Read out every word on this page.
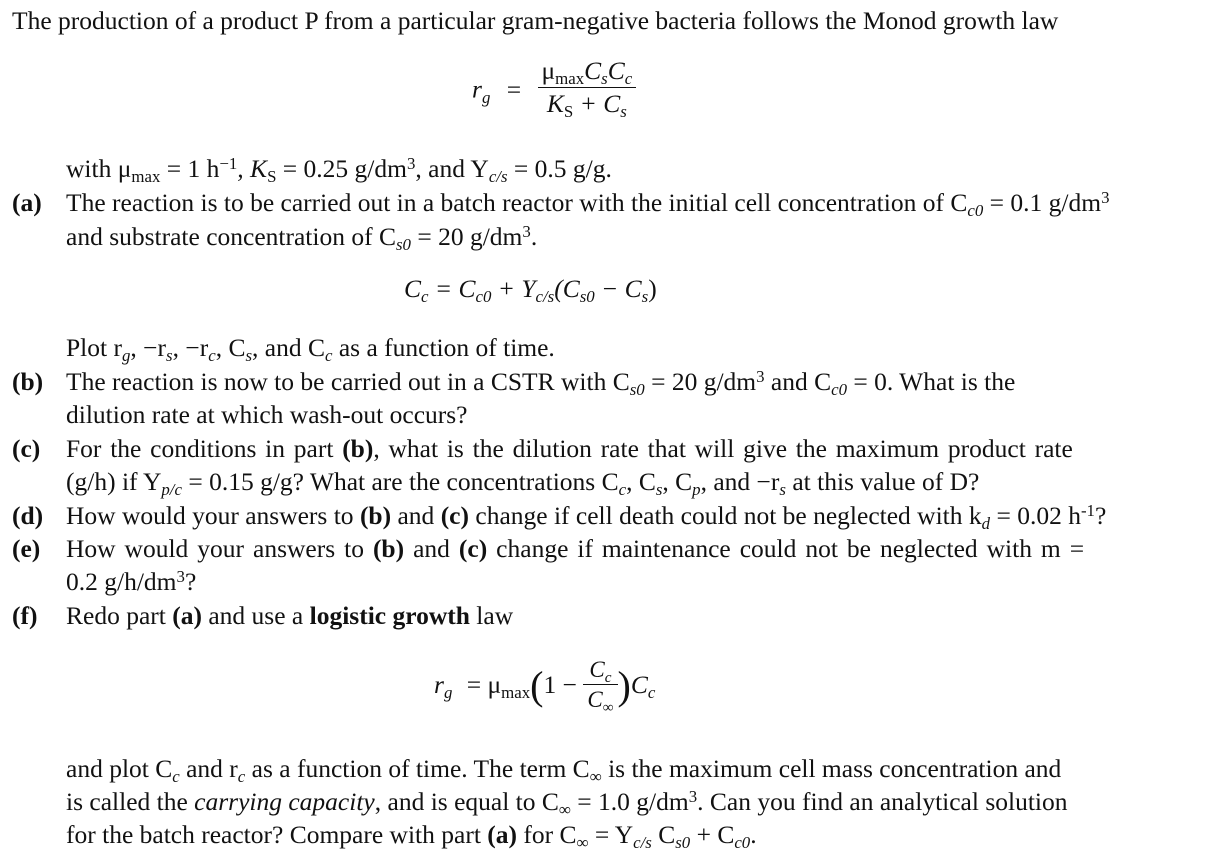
The production of a product P from a particular gram-negative bacteria follows the Monod growth law
$r_g = \frac{\mu_{max}C_sC_c}{K_S + C_s}$
with $\mu_{max} = 1$ $h^{-1}$, $K_S = 0.25$ $g/dm^3$, and $Y_{c/s} = 0.5$ g/g.
(a) The reaction is to be carried out in a batch reactor with the initial cell concentration of $C_{c0} = 0.1$ $g/dm^3$
and substrate concentration of $C_{s0} = 20$ $g/dm^3$.
$C_c = C_{c0} + Y_{c/s}(C_{s0} - C_s)$
Plot $r_g$, $-r_s$, $-r_c$, $C_s$, and $C_c$ as a function of time.
(b) The reaction is now to be carried out in a CSTR with $C_{s0} = 20$ $g/dm^3$ and $C_{c0} = 0$. What is the
dilution rate at which wash-out occurs?
(c) For the conditions in part (b), what is the dilution rate that will give the maximum product rate
(g/h) if $Y_{p/c} = 0.15$ g/g? What are the concentrations $C_c$, $C_s$, $C_p$, and $-r_s$ at this value of D?
(d) How would your answers to (b) and (c) change if cell death could not be neglected with $k_d = 0.02$ $h^{-1}$?
(e) How would your answers to (b) and (c) change if maintenance could not be neglected with m =
0.2 $g/h/dm^3$?
(f) Redo part (a) and use a logistic growth law
$r_g = \mu_{max}(1 - \frac{C_c}{C_\infty} )C_c$
and plot $C_c$ and $r_c$ as a function of time. The term $C_\infty$ is the maximum cell mass concentration and
is called the carrying capacity, and is equal to $C_\infty = 1.0$ $g/dm^3$. Can you find an analytical solution
for the batch reactor? Compare with part (a) for $C_\infty = Y_{c/s}$ $C_{s0} + C_{c0}$.
